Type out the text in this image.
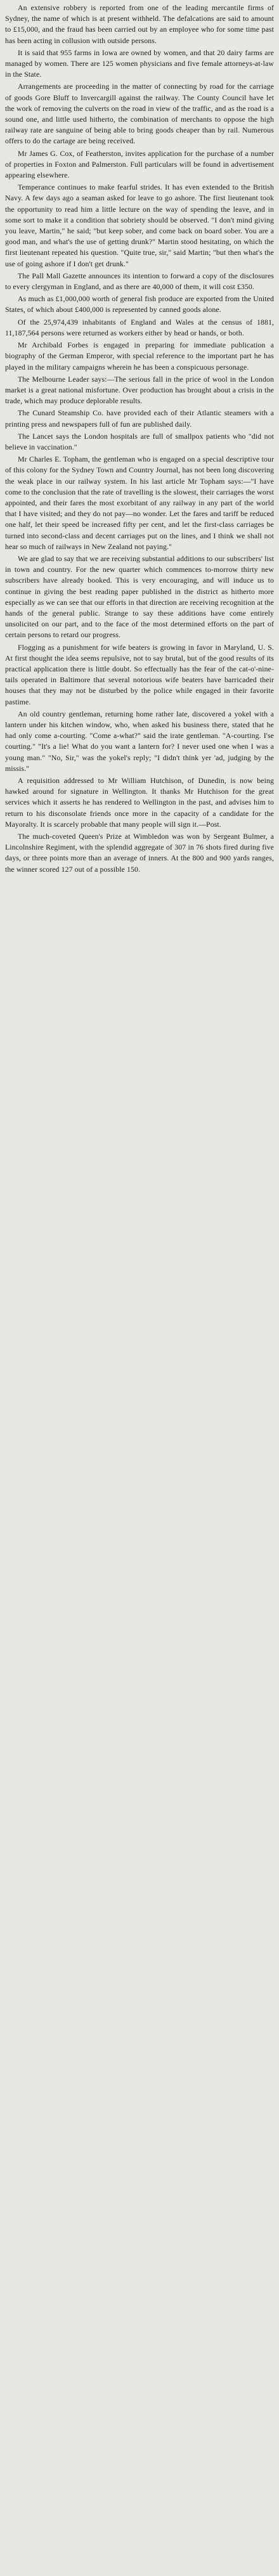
An extensive robbery is reported from one of the leading mercantile firms of Sydney, the name of which is at present withheld. The defalcations are said to amount to £15,000, and the fraud has been carried out by an employee who for some time past has been acting in collusion with outside persons.

It is said that 955 farms in Iowa are owned by women, and that 20 dairy farms are managed by women. There are 125 women physicians and five female attorneys-at-law in the State.

Arrangements are proceeding in the matter of connecting by road for the carriage of goods Gore Bluff to Invercargill against the railway. The County Council have let the work of removing the culverts on the road in view of the traffic, and as the road is a sound one, and little used hitherto, the combination of merchants to oppose the high railway rate are sanguine of being able to bring goods cheaper than by rail. Numerous offers to do the cartage are being received.

Mr James G. Cox, of Featherston, invites application for the purchase of a number of properties in Foxton and Palmerston. Full particulars will be found in advertisement appearing elsewhere.

Temperance continues to make fearful strides. It has even extended to the British Navy. A few days ago a seaman asked for leave to go ashore. The first lieutenant took the opportunity to read him a little lecture on the way of spending the leave, and in some sort to make it a condition that sobriety should be observed. "I don't mind giving you leave, Martin," he said; "but keep sober, and come back on board sober. You are a good man, and what's the use of getting drunk?" Martin stood hesitating, on which the first lieutenant repeated his question. "Quite true, sir," said Martin; "but then what's the use of going ashore if I don't get drunk."

The Pall Mall Gazette announces its intention to forward a copy of the disclosures to every clergyman in England, and as there are 40,000 of them, it will cost £350.

As much as £1,000,000 worth of general fish produce are exported from the United States, of which about £400,000 is represented by canned goods alone.

Of the 25,974,439 inhabitants of England and Wales at the census of 1881, 11,187,564 persons were returned as workers either by head or hands, or both.

Mr Archibald Forbes is engaged in preparing for immediate publication a biography of the German Emperor, with special reference to the important part he has played in the military campaigns wherein he has been a conspicuous personage.

The Melbourne Leader says:—The serious fall in the price of wool in the London market is a great national misfortune. Over production has brought about a crisis in the trade, which may produce deplorable results.

The Cunard Steamship Co. have provided each of their Atlantic steamers with a printing press and newspapers full of fun are published daily.

The Lancet says the London hospitals are full of smallpox patients who "did not believe in vaccination."

Mr Charles E. Topham, the gentleman who is engaged on a special descriptive tour of this colony for the Sydney Town and Country Journal, has not been long discovering the weak place in our railway system. In his last article Mr Topham says:—"I have come to the conclusion that the rate of travelling is the slowest, their carriages the worst appointed, and their fares the most exorbitant of any railway in any part of the world that I have visited; and they do not pay—no wonder. Let the fares and tariff be reduced one half, let their speed be increased fifty per cent, and let the first-class carriages be turned into second-class and decent carriages put on the lines, and I think we shall not hear so much of railways in New Zealand not paying."

We are glad to say that we are receiving substantial additions to our subscribers' list in town and country. For the new quarter which commences to-morrow thirty new subscribers have already booked. This is very encouraging, and will induce us to continue in giving the best reading paper published in the district as hitherto more especially as we can see that our efforts in that direction are receiving recognition at the hands of the general public. Strange to say these additions have come entirely unsolicited on our part, and to the face of the most determined efforts on the part of certain persons to retard our progress.

Flogging as a punishment for wife beaters is growing in favor in Maryland, U. S. At first thought the idea seems repulsive, not to say brutal, but of the good results of its practical application there is little doubt. So effectually has the fear of the cat-o'-nine-tails operated in Baltimore that several notorious wife beaters have barricaded their houses that they may not be disturbed by the police while engaged in their favorite pastime.

An old country gentleman, returning home rather late, discovered a yokel with a lantern under his kitchen window, who, when asked his business there, stated that he had only come a-courting. "Come a-what?" said the irate gentleman. "A-courting. I'se courting." "It's a lie! What do you want a lantern for? I never used one when I was a young man." "No, Sir," was the yokel's reply; "I didn't think yer 'ad, judging by the missis."

A requisition addressed to Mr William Hutchison, of Dunedin, is now being hawked around for signature in Wellington. It thanks Mr Hutchison for the great services which it asserts he has rendered to Wellington in the past, and advises him to return to his disconsolate friends once more in the capacity of a candidate for the Mayoralty. It is scarcely probable that many people will sign it.—Post.

The much-coveted Queen's Prize at Wimbledon was won by Sergeant Bulmer, a Lincolnshire Regiment, with the splendid aggregate of 307 in 76 shots fired during five days, or three points more than an average of inners. At the 800 and 900 yards ranges, the winner scored 127 out of a possible 150.
